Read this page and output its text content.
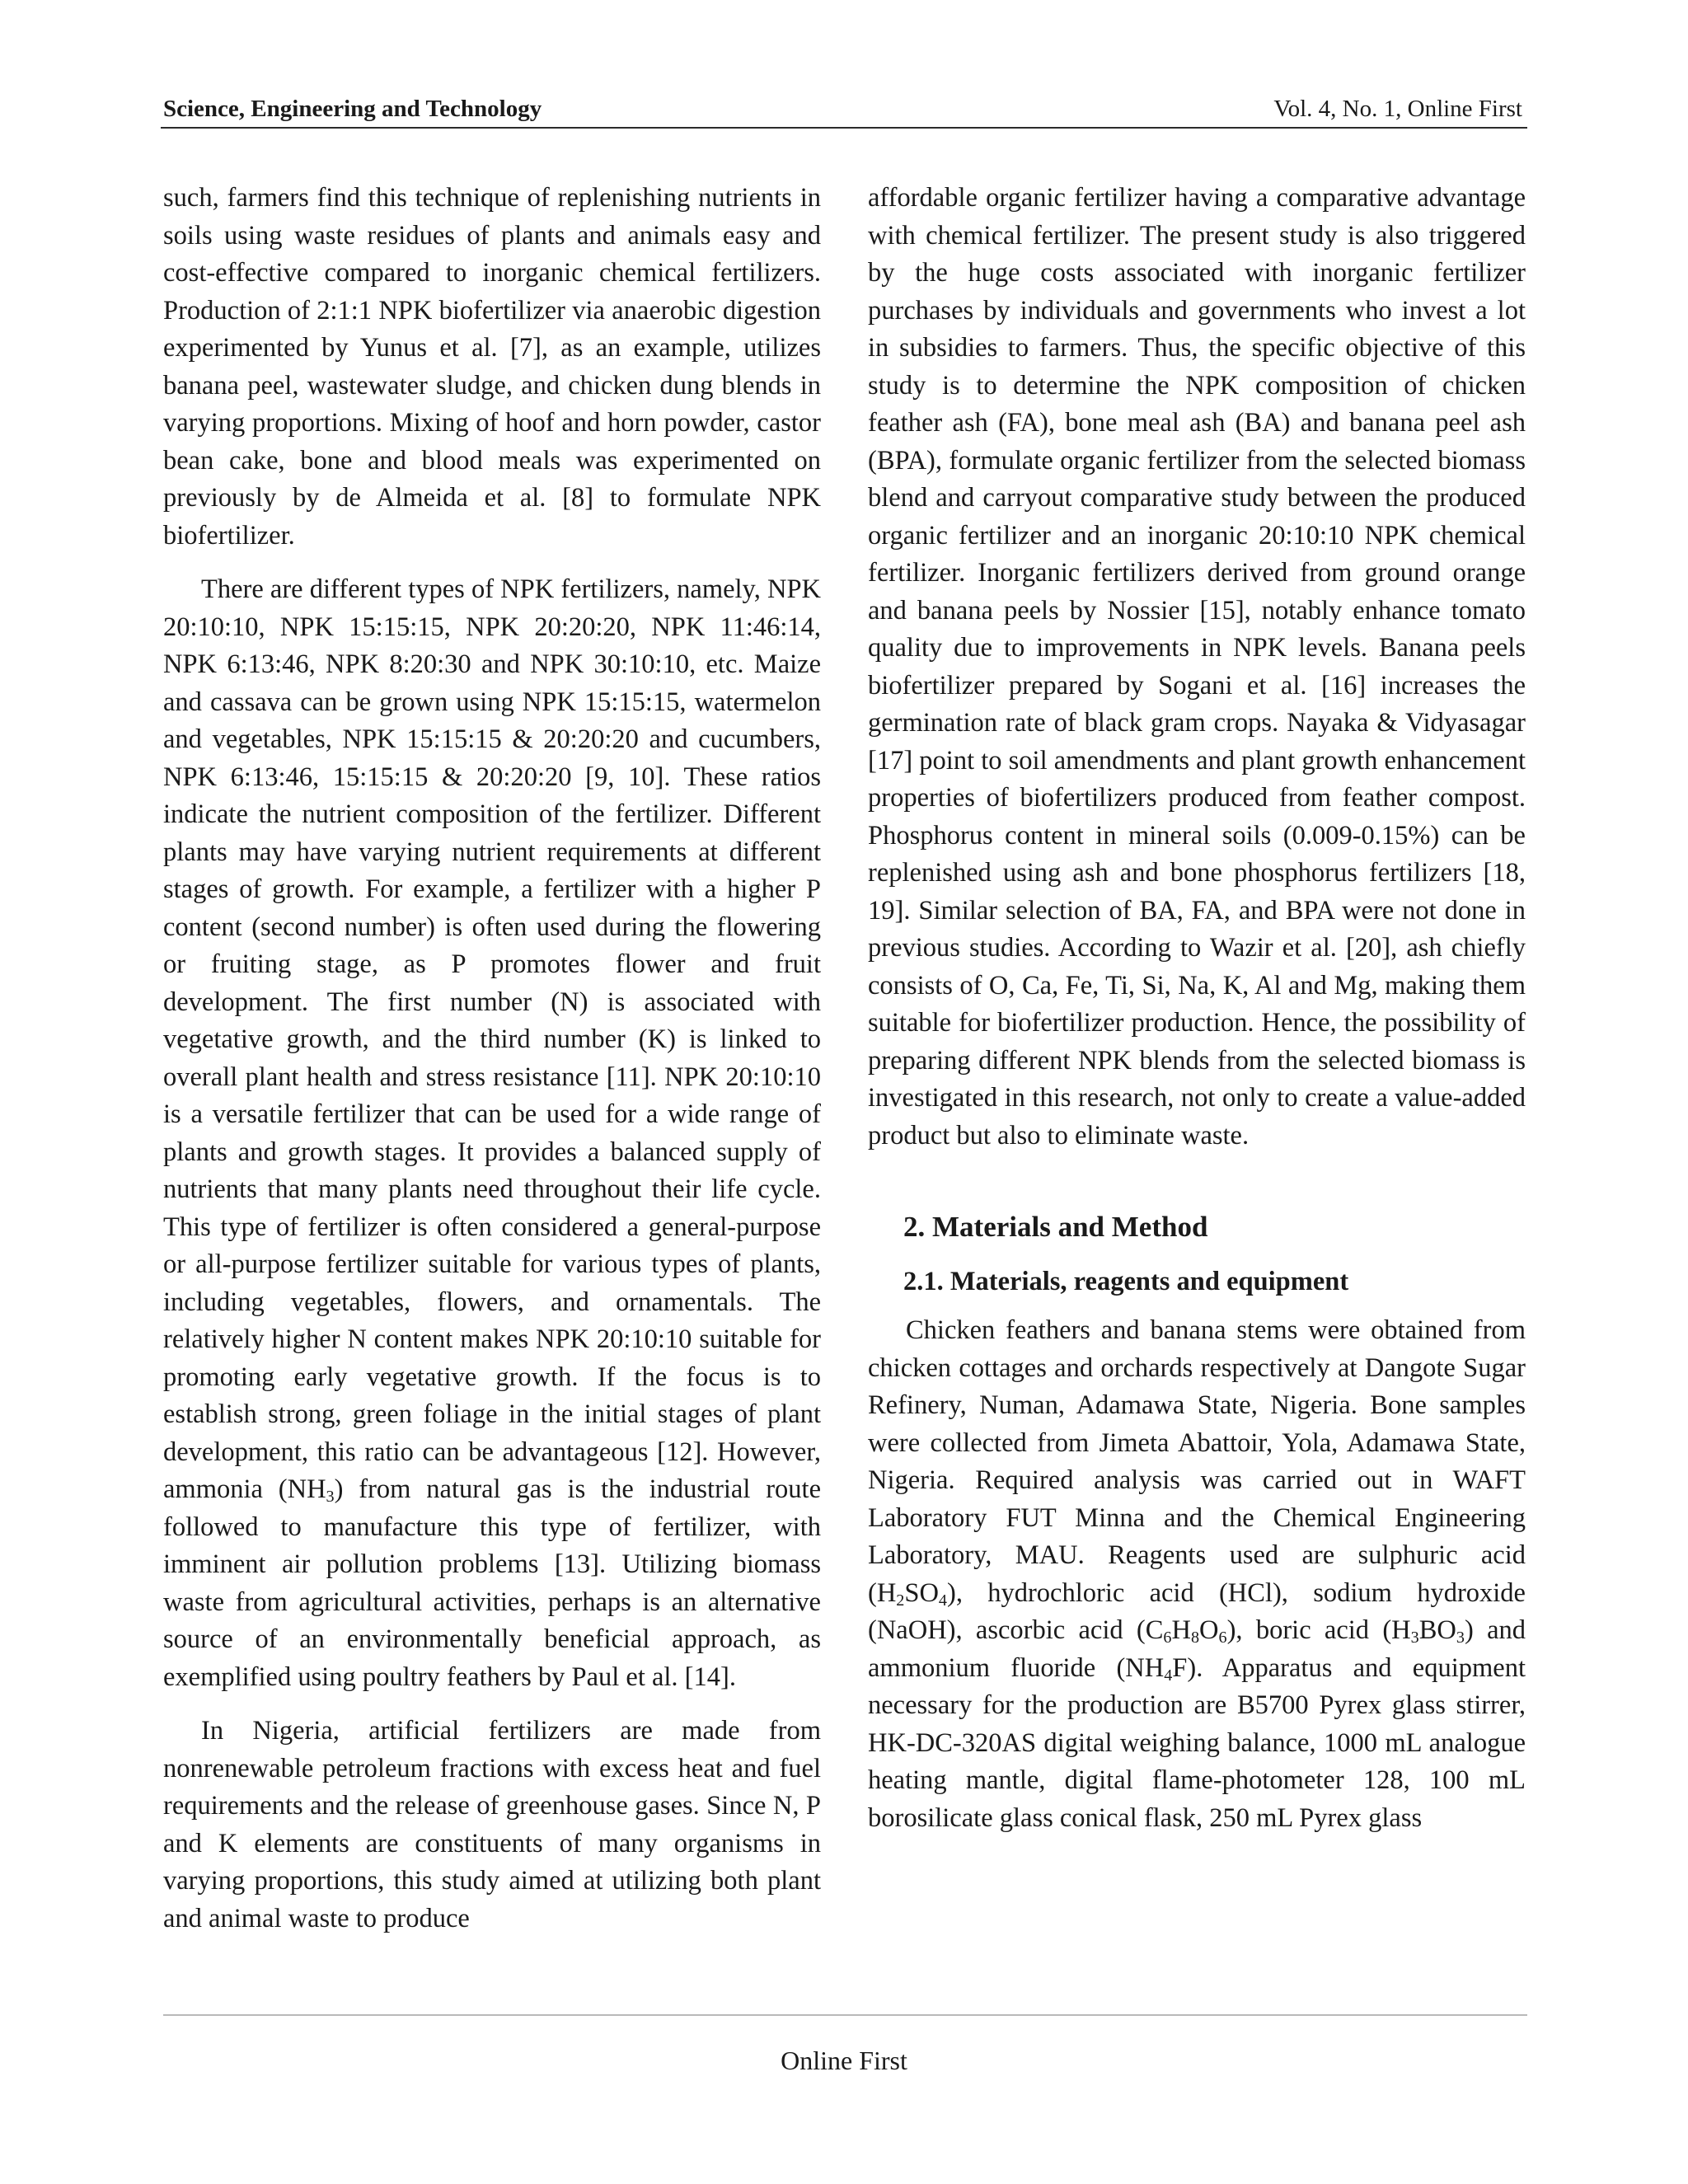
Science, Engineering and Technology	Vol. 4, No. 1, Online First

such, farmers find this technique of replenishing nutrients in soils using waste residues of plants and animals easy and cost-effective compared to inorganic chemical fertilizers. Production of 2:1:1 NPK biofertilizer via anaerobic digestion experimented by Yunus et al. [7], as an example, utilizes banana peel, wastewater sludge, and chicken dung blends in varying proportions. Mixing of hoof and horn powder, castor bean cake, bone and blood meals was experimented on previously by de Almeida et al. [8] to formulate NPK biofertilizer.

There are different types of NPK fertilizers, namely, NPK 20:10:10, NPK 15:15:15, NPK 20:20:20, NPK 11:46:14, NPK 6:13:46, NPK 8:20:30 and NPK 30:10:10, etc. Maize and cassava can be grown using NPK 15:15:15, watermelon and vegetables, NPK 15:15:15 & 20:20:20 and cucumbers, NPK 6:13:46, 15:15:15 & 20:20:20 [9, 10]. These ratios indicate the nutrient composition of the fertilizer. Different plants may have varying nutrient requirements at different stages of growth. For example, a fertilizer with a higher P content (second number) is often used during the flowering or fruiting stage, as P promotes flower and fruit development. The first number (N) is associated with vegetative growth, and the third number (K) is linked to overall plant health and stress resistance [11]. NPK 20:10:10 is a versatile fertilizer that can be used for a wide range of plants and growth stages. It provides a balanced supply of nutrients that many plants need throughout their life cycle. This type of fertilizer is often considered a general-purpose or all-purpose fertilizer suitable for various types of plants, including vegetables, flowers, and ornamentals. The relatively higher N content makes NPK 20:10:10 suitable for promoting early vegetative growth. If the focus is to establish strong, green foliage in the initial stages of plant development, this ratio can be advantageous [12]. However, ammonia $(NH_3)$ from natural gas is the industrial route followed to manufacture this type of fertilizer, with imminent air pollution problems [13]. Utilizing biomass waste from agricultural activities, perhaps is an alternative source of an environmentally beneficial approach, as exemplified using poultry feathers by Paul et al. [14].

In Nigeria, artificial fertilizers are made from nonrenewable petroleum fractions with excess heat and fuel requirements and the release of greenhouse gases. Since N, P and K elements are constituents of many organisms in varying proportions, this study aimed at utilizing both plant and animal waste to produce

affordable organic fertilizer having a comparative advantage with chemical fertilizer. The present study is also triggered by the huge costs associated with inorganic fertilizer purchases by individuals and governments who invest a lot in subsidies to farmers. Thus, the specific objective of this study is to determine the NPK composition of chicken feather ash (FA), bone meal ash (BA) and banana peel ash (BPA), formulate organic fertilizer from the selected biomass blend and carryout comparative study between the produced organic fertilizer and an inorganic 20:10:10 NPK chemical fertilizer. Inorganic fertilizers derived from ground orange and banana peels by Nossier [15], notably enhance tomato quality due to improvements in NPK levels. Banana peels biofertilizer prepared by Sogani et al. [16] increases the germination rate of black gram crops. Nayaka & Vidyasagar [17] point to soil amendments and plant growth enhancement properties of biofertilizers produced from feather compost. Phosphorus content in mineral soils (0.009-0.15%) can be replenished using ash and bone phosphorus fertilizers [18, 19]. Similar selection of BA, FA, and BPA were not done in previous studies. According to Wazir et al. [20], ash chiefly consists of O, Ca, Fe, Ti, Si, Na, K, Al and Mg, making them suitable for biofertilizer production. Hence, the possibility of preparing different NPK blends from the selected biomass is investigated in this research, not only to create a value-added product but also to eliminate waste.

2. Materials and Method
2.1. Materials, reagents and equipment

Chicken feathers and banana stems were obtained from chicken cottages and orchards respectively at Dangote Sugar Refinery, Numan, Adamawa State, Nigeria. Bone samples were collected from Jimeta Abattoir, Yola, Adamawa State, Nigeria. Required analysis was carried out in WAFT Laboratory FUT Minna and the Chemical Engineering Laboratory, MAU. Reagents used are sulphuric acid $(H_2SO_4)$, hydrochloric acid (HCl), sodium hydroxide (NaOH), ascorbic acid $(C_6H_8O_6)$, boric acid $(H_3BO_3)$ and ammonium fluoride $(NH_4F)$. Apparatus and equipment necessary for the production are B5700 Pyrex glass stirrer, HK-DC-320AS digital weighing balance, 1000 mL analogue heating mantle, digital flame-photometer 128, 100 mL borosilicate glass conical flask, 250 mL Pyrex glass

Online First
